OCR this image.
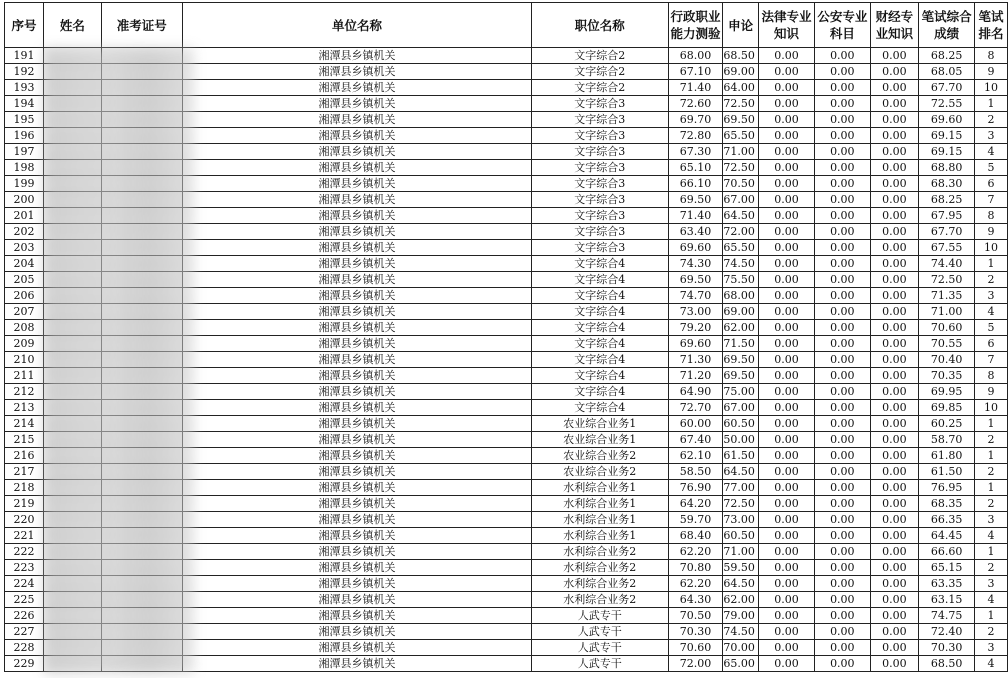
序号	姓名	准考证号	单位名称	职位名称	行政职业能力测验	申论	法律专业知识	公安专业科目	财经专业知识	笔试综合成绩	笔试排名
191			湘潭县乡镇机关	文字综合2	68.00	68.50	0.00	0.00	0.00	68.25	8
192			湘潭县乡镇机关	文字综合2	67.10	69.00	0.00	0.00	0.00	68.05	9
193			湘潭县乡镇机关	文字综合2	71.40	64.00	0.00	0.00	0.00	67.70	10
194			湘潭县乡镇机关	文字综合3	72.60	72.50	0.00	0.00	0.00	72.55	1
195			湘潭县乡镇机关	文字综合3	69.70	69.50	0.00	0.00	0.00	69.60	2
196			湘潭县乡镇机关	文字综合3	72.80	65.50	0.00	0.00	0.00	69.15	3
197			湘潭县乡镇机关	文字综合3	67.30	71.00	0.00	0.00	0.00	69.15	4
198			湘潭县乡镇机关	文字综合3	65.10	72.50	0.00	0.00	0.00	68.80	5
199			湘潭县乡镇机关	文字综合3	66.10	70.50	0.00	0.00	0.00	68.30	6
200			湘潭县乡镇机关	文字综合3	69.50	67.00	0.00	0.00	0.00	68.25	7
201			湘潭县乡镇机关	文字综合3	71.40	64.50	0.00	0.00	0.00	67.95	8
202			湘潭县乡镇机关	文字综合3	63.40	72.00	0.00	0.00	0.00	67.70	9
203			湘潭县乡镇机关	文字综合3	69.60	65.50	0.00	0.00	0.00	67.55	10
204			湘潭县乡镇机关	文字综合4	74.30	74.50	0.00	0.00	0.00	74.40	1
205			湘潭县乡镇机关	文字综合4	69.50	75.50	0.00	0.00	0.00	72.50	2
206			湘潭县乡镇机关	文字综合4	74.70	68.00	0.00	0.00	0.00	71.35	3
207			湘潭县乡镇机关	文字综合4	73.00	69.00	0.00	0.00	0.00	71.00	4
208			湘潭县乡镇机关	文字综合4	79.20	62.00	0.00	0.00	0.00	70.60	5
209			湘潭县乡镇机关	文字综合4	69.60	71.50	0.00	0.00	0.00	70.55	6
210			湘潭县乡镇机关	文字综合4	71.30	69.50	0.00	0.00	0.00	70.40	7
211			湘潭县乡镇机关	文字综合4	71.20	69.50	0.00	0.00	0.00	70.35	8
212			湘潭县乡镇机关	文字综合4	64.90	75.00	0.00	0.00	0.00	69.95	9
213			湘潭县乡镇机关	文字综合4	72.70	67.00	0.00	0.00	0.00	69.85	10
214			湘潭县乡镇机关	农业综合业务1	60.00	60.50	0.00	0.00	0.00	60.25	1
215			湘潭县乡镇机关	农业综合业务1	67.40	50.00	0.00	0.00	0.00	58.70	2
216			湘潭县乡镇机关	农业综合业务2	62.10	61.50	0.00	0.00	0.00	61.80	1
217			湘潭县乡镇机关	农业综合业务2	58.50	64.50	0.00	0.00	0.00	61.50	2
218			湘潭县乡镇机关	水利综合业务1	76.90	77.00	0.00	0.00	0.00	76.95	1
219			湘潭县乡镇机关	水利综合业务1	64.20	72.50	0.00	0.00	0.00	68.35	2
220			湘潭县乡镇机关	水利综合业务1	59.70	73.00	0.00	0.00	0.00	66.35	3
221			湘潭县乡镇机关	水利综合业务1	68.40	60.50	0.00	0.00	0.00	64.45	4
222			湘潭县乡镇机关	水利综合业务2	62.20	71.00	0.00	0.00	0.00	66.60	1
223			湘潭县乡镇机关	水利综合业务2	70.80	59.50	0.00	0.00	0.00	65.15	2
224			湘潭县乡镇机关	水利综合业务2	62.20	64.50	0.00	0.00	0.00	63.35	3
225			湘潭县乡镇机关	水利综合业务2	64.30	62.00	0.00	0.00	0.00	63.15	4
226			湘潭县乡镇机关	人武专干	70.50	79.00	0.00	0.00	0.00	74.75	1
227			湘潭县乡镇机关	人武专干	70.30	74.50	0.00	0.00	0.00	72.40	2
228			湘潭县乡镇机关	人武专干	70.60	70.00	0.00	0.00	0.00	70.30	3
229			湘潭县乡镇机关	人武专干	72.00	65.00	0.00	0.00	0.00	68.50	4
